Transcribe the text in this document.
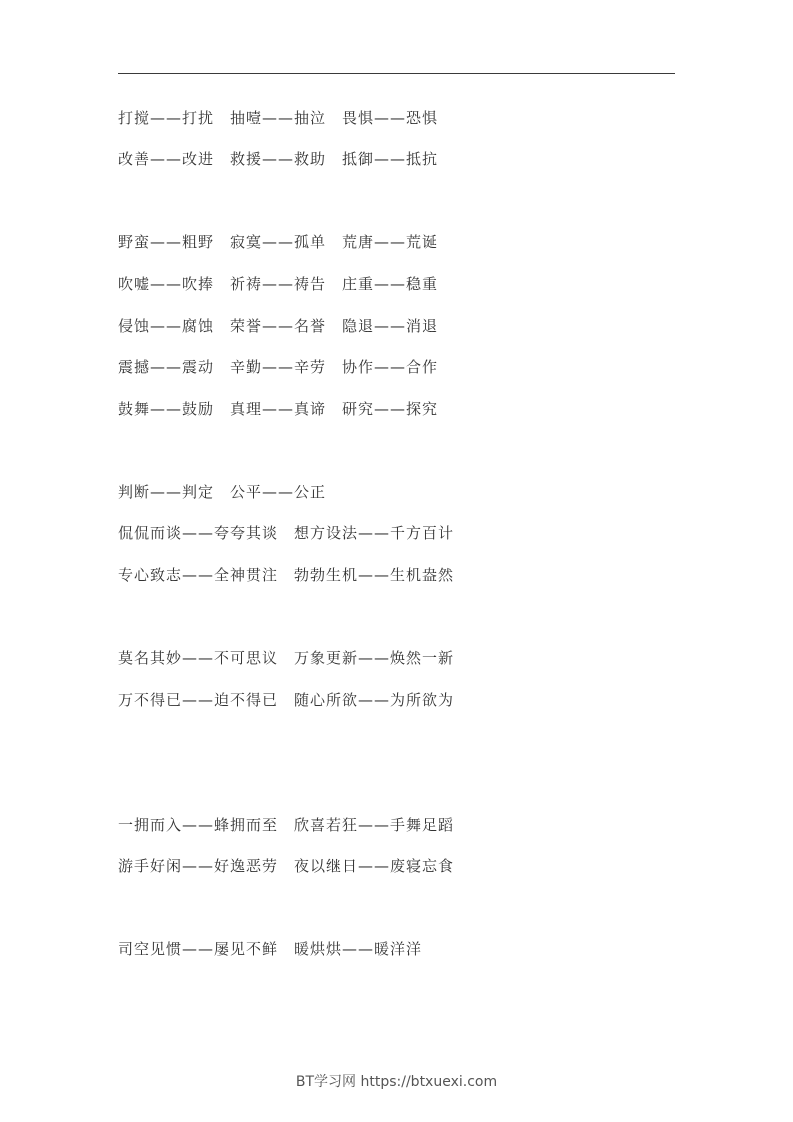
打搅——打扰　抽噎——抽泣　畏惧——恐惧
改善——改进　救援——救助　抵御——抵抗
野蛮——粗野　寂寞——孤单　荒唐——荒诞
吹嘘——吹捧　祈祷——祷告　庄重——稳重
侵蚀——腐蚀　荣誉——名誉　隐退——消退
震撼——震动　辛勤——辛劳　协作——合作
鼓舞——鼓励　真理——真谛　研究——探究
判断——判定　公平——公正
侃侃而谈——夸夸其谈　想方设法——千方百计
专心致志——全神贯注　勃勃生机——生机盎然
莫名其妙——不可思议　万象更新——焕然一新
万不得已——迫不得已　随心所欲——为所欲为
一拥而入——蜂拥而至　欣喜若狂——手舞足蹈
游手好闲——好逸恶劳　夜以继日——废寝忘食
司空见惯——屡见不鲜　暖烘烘——暖洋洋
BT学习网 https://btxuexi.com
